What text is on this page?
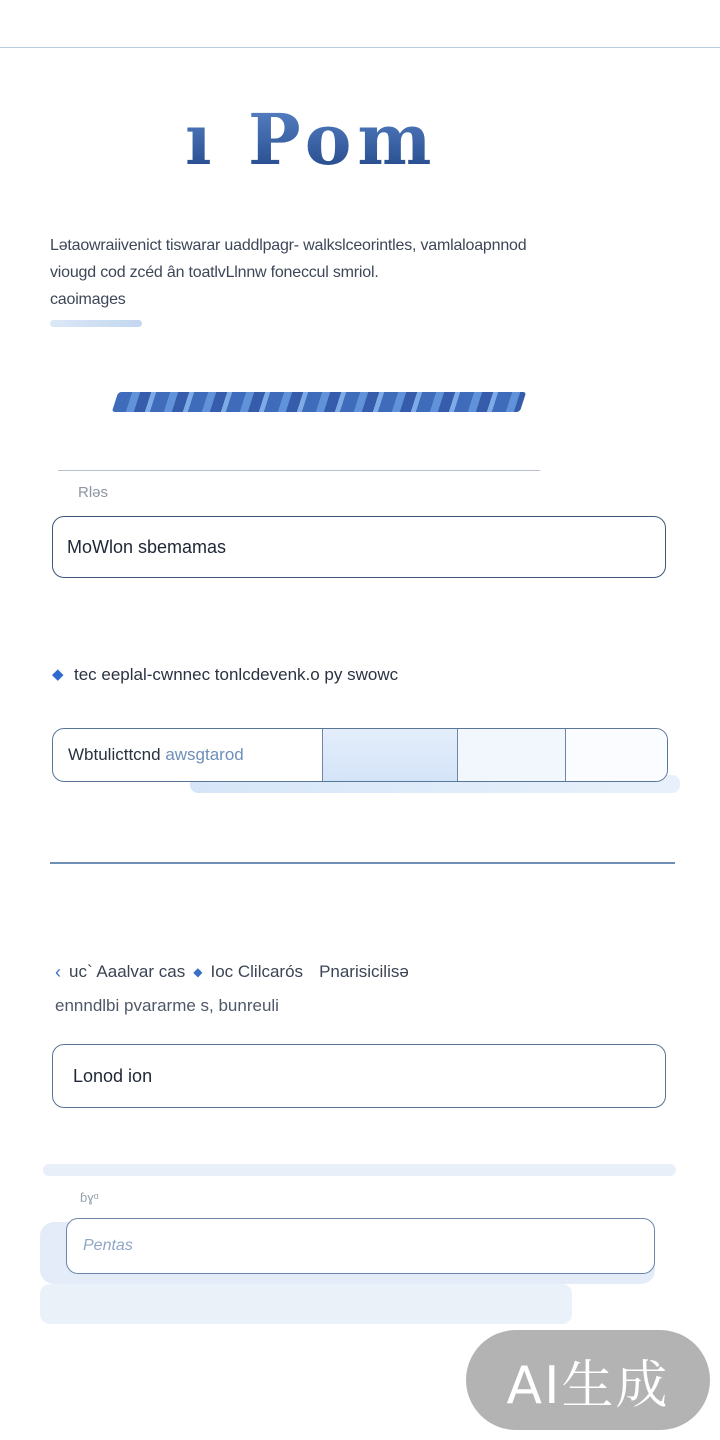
ı Pom
Lətaowraiivenict tiswarar uaddlpagr- walkslceorintles, vamlaloapnnod
viougd cod zcéd ân toatlvLlnnw foneccul smriol.
caoimages
Rləs
MoWlon sbemamas
◆ tec eeplal-cwnnec tonlcdevenk.o py swowc
Wbtulicttcnd awsgtarod
‹ uc` Aaalvar cas ◆ Ioc Clilcarós Pnarisicilisə
ennndlbi pvararme s, bunreuli
Lonod ion
ɓɣᵅ
Pentas
AI生成
